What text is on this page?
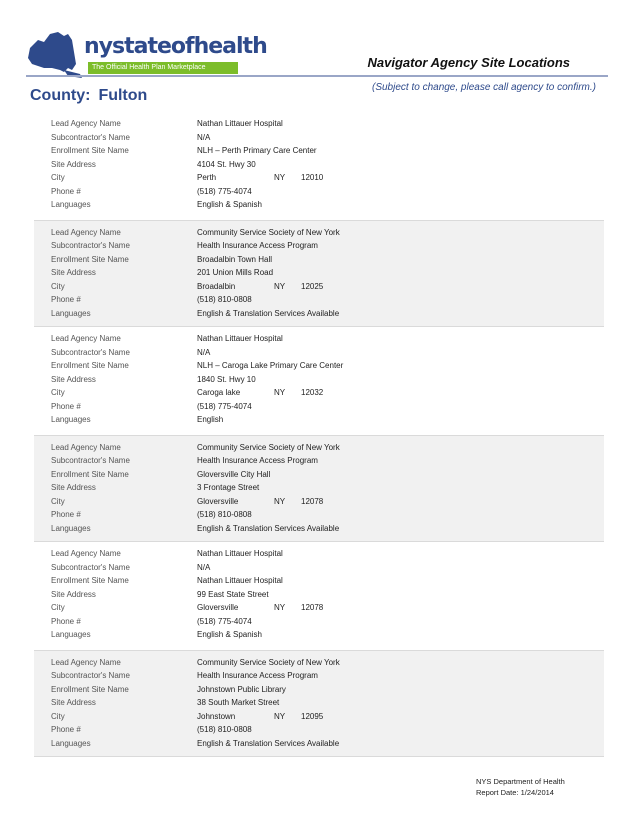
nystateofhealth
The Official Health Plan Marketplace	Navigator Agency Site Locations
(Subject to change, please call agency to confirm.)
County: Fulton
Lead Agency Name	Nathan Littauer Hospital
Subcontractor's Name	N/A
Enrollment Site Name	NLH – Perth Primary Care Center
Site Address	4104 St. Hwy 30
City	Perth	NY 12010
Phone #	(518) 775-4074
Languages	English & Spanish
Lead Agency Name	Community Service Society of New York
Subcontractor's Name	Health Insurance Access Program
Enrollment Site Name	Broadalbin Town Hall
Site Address	201 Union Mills Road
City	Broadalbin	NY 12025
Phone #	(518) 810-0808
Languages	English & Translation Services Available
Lead Agency Name	Nathan Littauer Hospital
Subcontractor's Name	N/A
Enrollment Site Name	NLH – Caroga Lake Primary Care Center
Site Address	1840 St. Hwy 10
City	Caroga lake	NY 12032
Phone #	(518) 775-4074
Languages	English
Lead Agency Name	Community Service Society of New York
Subcontractor's Name	Health Insurance Access Program
Enrollment Site Name	Gloversville City Hall
Site Address	3 Frontage Street
City	Gloversville	NY 12078
Phone #	(518) 810-0808
Languages	English & Translation Services Available
Lead Agency Name	Nathan Littauer Hospital
Subcontractor's Name	N/A
Enrollment Site Name	Nathan Littauer Hospital
Site Address	99 East State Street
City	Gloversville	NY 12078
Phone #	(518) 775-4074
Languages	English & Spanish
Lead Agency Name	Community Service Society of New York
Subcontractor's Name	Health Insurance Access Program
Enrollment Site Name	Johnstown Public Library
Site Address	38 South Market Street
City	Johnstown	NY 12095
Phone #	(518) 810-0808
Languages	English & Translation Services Available
NYS Department of Health
Report Date: 1/24/2014
